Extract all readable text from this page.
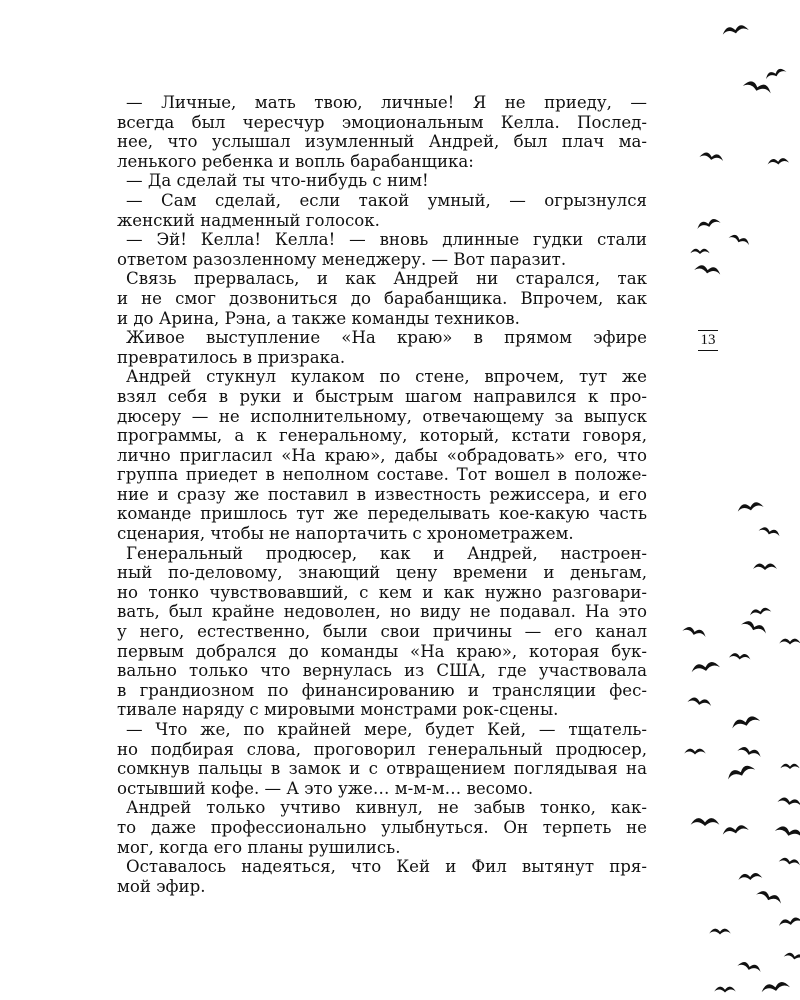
— Личные, мать твою, личные! Я не приеду, —

всегда был чересчур эмоциональным Келла. Послед-

нее, что услышал изумленный Андрей, был плач ма-

ленького ребенка и вопль барабанщика:

— Да сделай ты что-нибудь с ним!

— Сам сделай, если такой умный, — огрызнулся

женский надменный голосок.

— Эй! Келла! Келла! — вновь длинные гудки стали

ответом разозленному менеджеру. — Вот паразит.

Связь прервалась, и как Андрей ни старался, так

и не смог дозвониться до барабанщика. Впрочем, как

и до Арина, Рэна, а также команды техников.

Живое выступление «На краю» в прямом эфире

превратилось в призрака.

Андрей стукнул кулаком по стене, впрочем, тут же

взял себя в руки и быстрым шагом направился к про-

дюсеру — не исполнительному, отвечающему за выпуск

программы, а к генеральному, который, кстати говоря,

лично пригласил «На краю», дабы «обрадовать» его, что

группа приедет в неполном составе. Тот вошел в положе-

ние и сразу же поставил в известность режиссера, и его

команде пришлось тут же переделывать кое-какую часть

сценария, чтобы не напортачить с хронометражем.

Генеральный продюсер, как и Андрей, настроен-

ный по-деловому, знающий цену времени и деньгам,

но тонко чувствовавший, с кем и как нужно разговари-

вать, был крайне недоволен, но виду не подавал. На это

у него, естественно, были свои причины — его канал

первым добрался до команды «На краю», которая бук-

вально только что вернулась из США, где участвовала

в грандиозном по финансированию и трансляции фес-

тивале наряду с мировыми монстрами рок-сцены.

— Что же, по крайней мере, будет Кей, — тщатель-

но подбирая слова, проговорил генеральный продюсер,

сомкнув пальцы в замок и с отвращением поглядывая на

остывший кофе. — А это уже… м-м-м… весомо.

Андрей только учтиво кивнул, не забыв тонко, как-

то даже профессионально улыбнуться. Он терпеть не

мог, когда его планы рушились.

Оставалось надеяться, что Кей и Фил вытянут пря-

мой эфир.

13
